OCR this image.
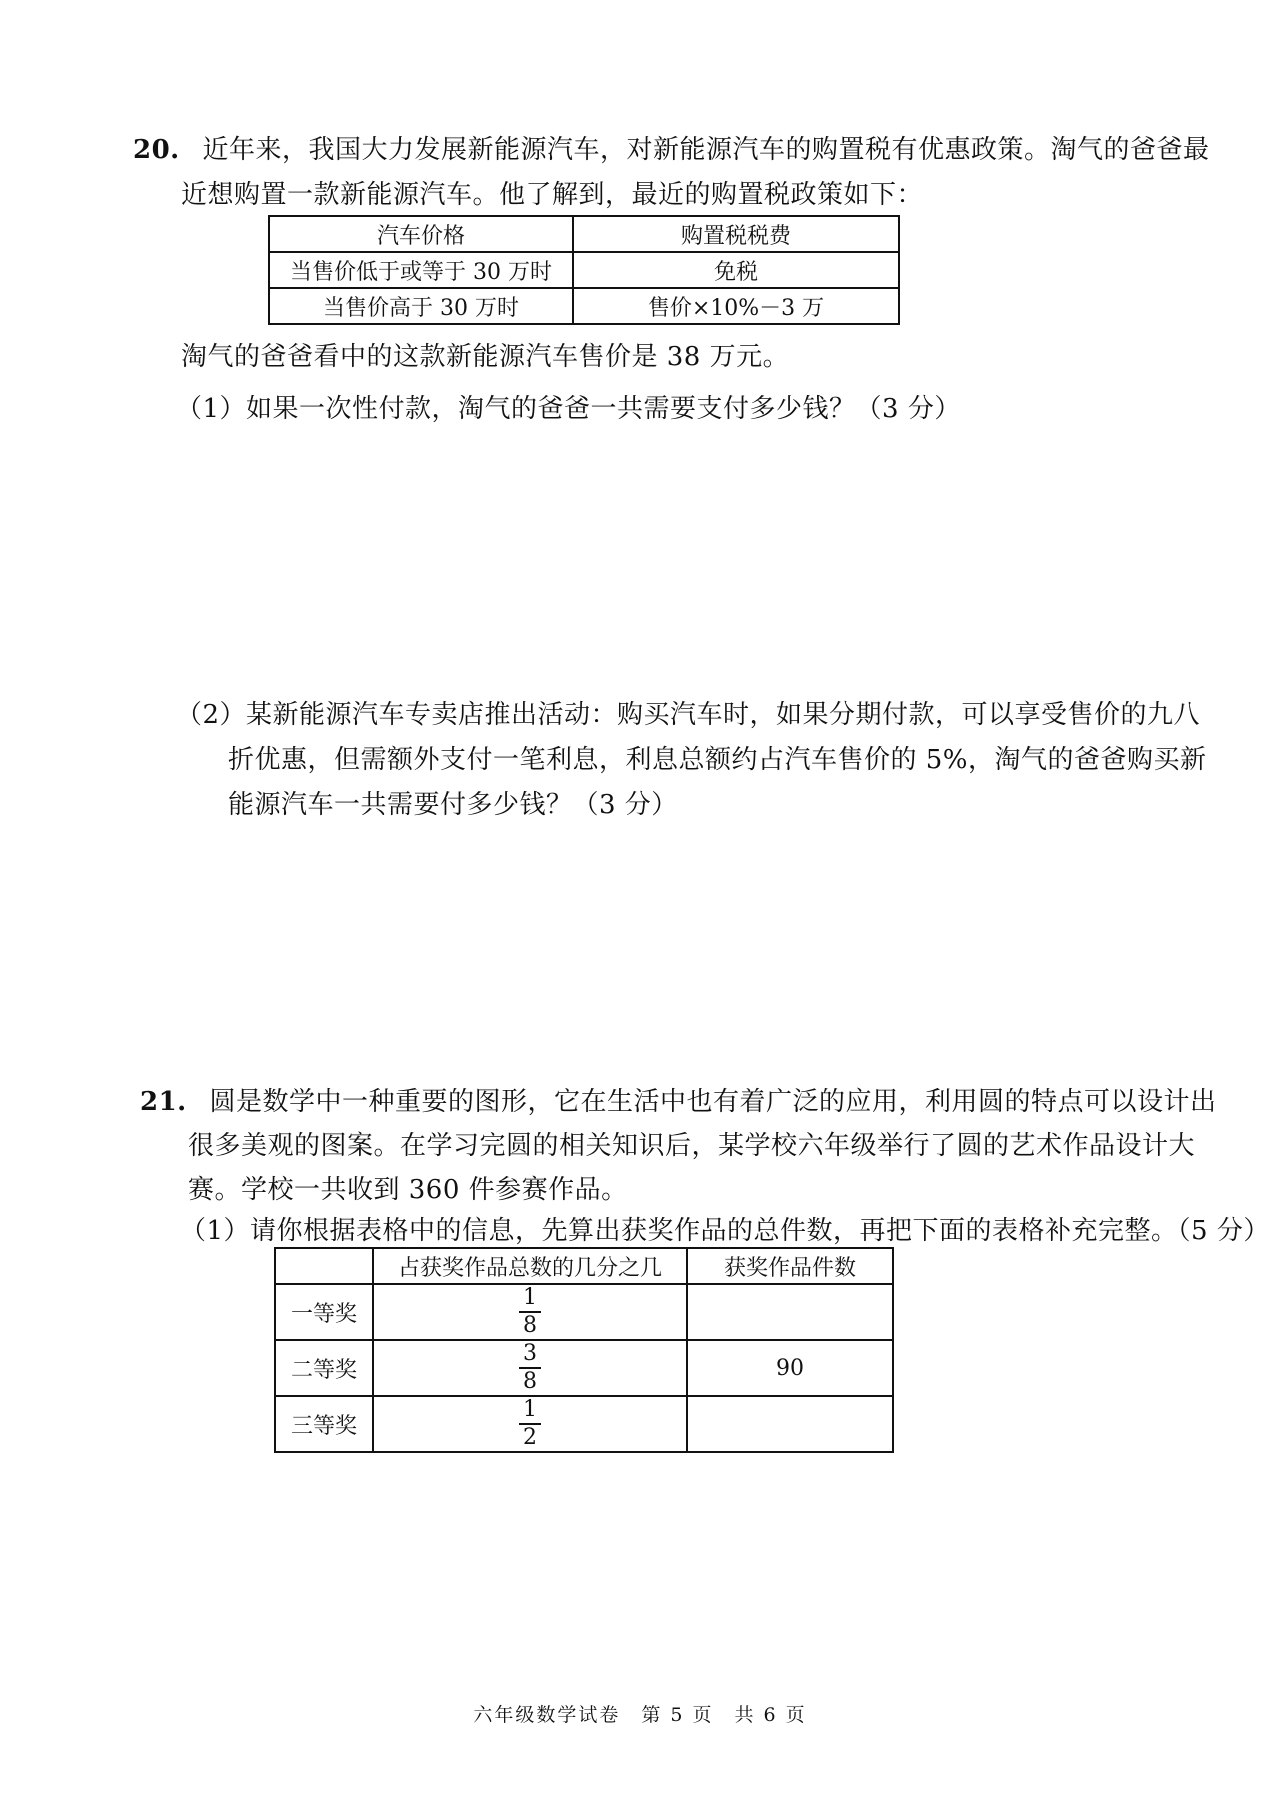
20. 近年来，我国大力发展新能源汽车，对新能源汽车的购置税有优惠政策。淘气的爸爸最
近想购置一款新能源汽车。他了解到，最近的购置税政策如下：
汽车价格	购置税税费
当售价低于或等于 30 万时	免税
当售价高于 30 万时	售价×10%－3 万
淘气的爸爸看中的这款新能源汽车售价是 38 万元。
（1）如果一次性付款，淘气的爸爸一共需要支付多少钱？（3 分）
（2）某新能源汽车专卖店推出活动：购买汽车时，如果分期付款，可以享受售价的九八
折优惠，但需额外支付一笔利息，利息总额约占汽车售价的 5%，淘气的爸爸购买新
能源汽车一共需要付多少钱？（3 分）
21. 圆是数学中一种重要的图形，它在生活中也有着广泛的应用，利用圆的特点可以设计出
很多美观的图案。在学习完圆的相关知识后，某学校六年级举行了圆的艺术作品设计大
赛。学校一共收到 360 件参赛作品。
（1）请你根据表格中的信息，先算出获奖作品的总件数，再把下面的表格补充完整。（5 分）
	占获奖作品总数的几分之几	获奖作品件数
一等奖	$\frac{1}{8}$

二等奖	$\frac{3}{8}$	90
三等奖	$\frac{1}{2}$

六年级数学试卷　第 5 页　共 6 页
